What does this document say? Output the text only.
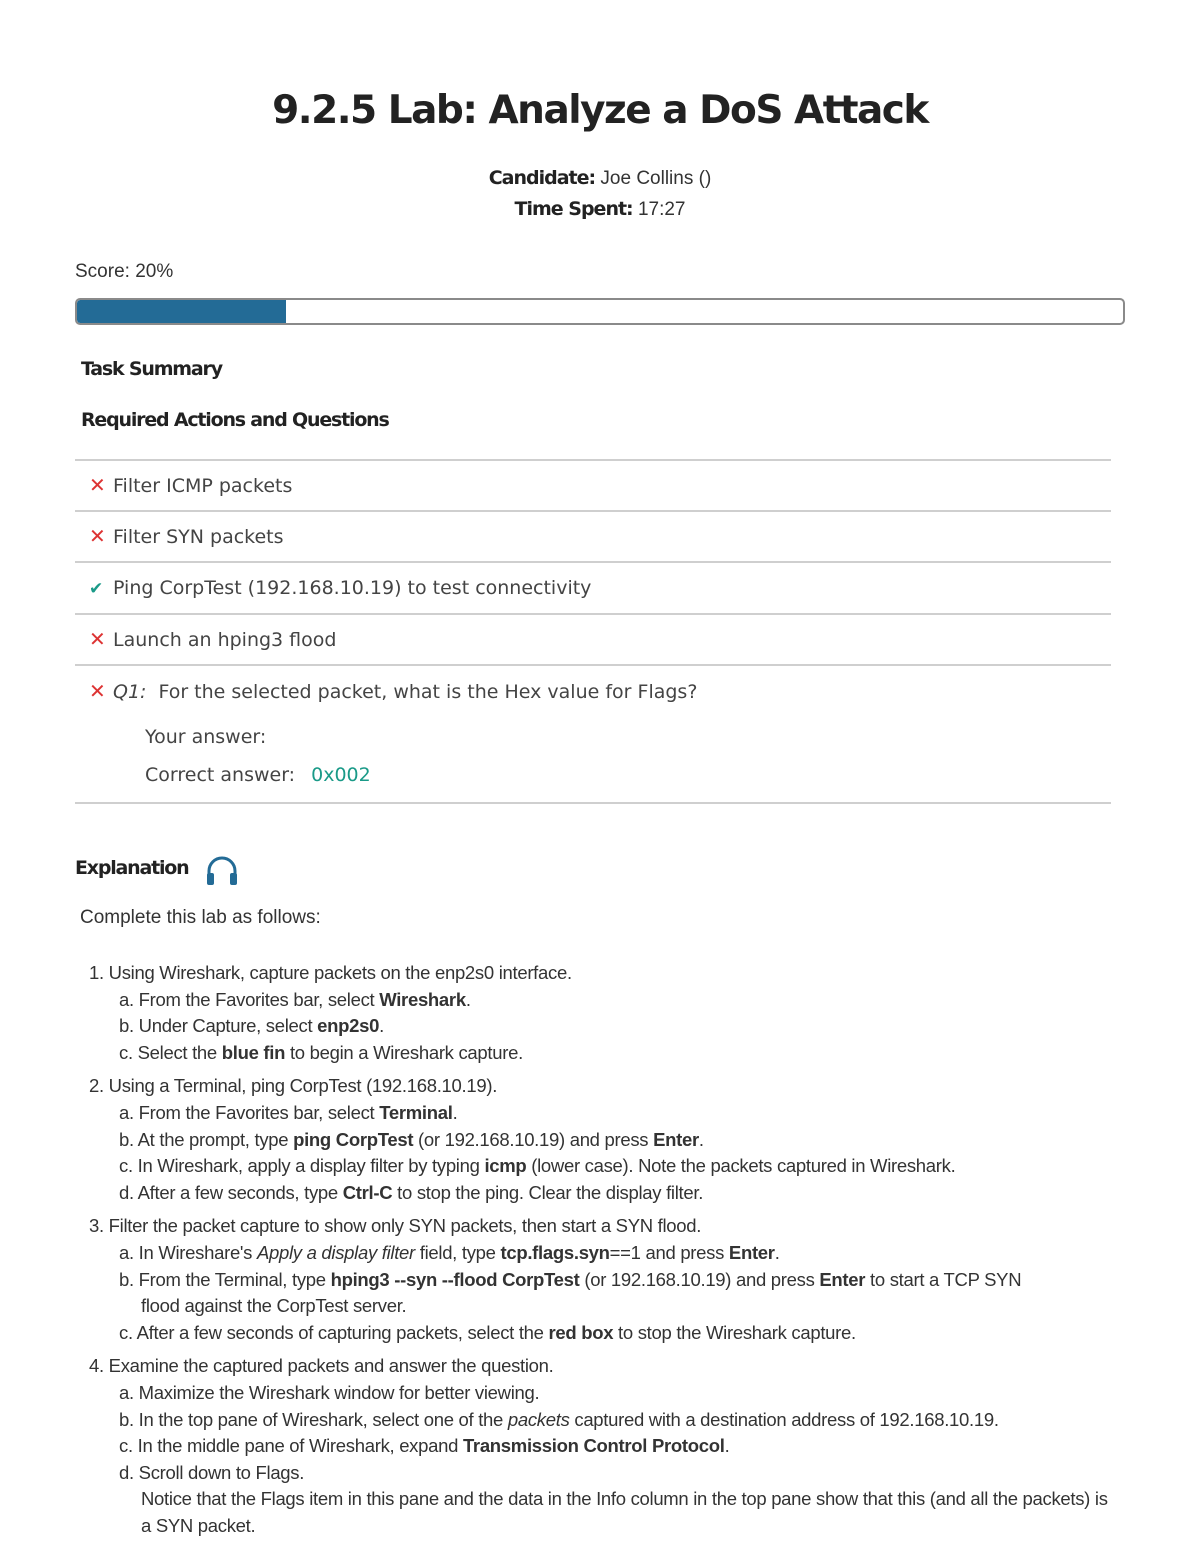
9.2.5 Lab: Analyze a DoS Attack
Candidate: Joe Collins ()
Time Spent: 17:27
Score: 20%
Task Summary
Required Actions and Questions
✕ Filter ICMP packets
✕ Filter SYN packets
✔ Ping CorpTest (192.168.10.19) to test connectivity
✕ Launch an hping3 flood
✕ Q1: For the selected packet, what is the Hex value for Flags?
Your answer:
Correct answer: 0x002
Explanation
Complete this lab as follows:
1. Using Wireshark, capture packets on the enp2s0 interface.
a. From the Favorites bar, select Wireshark.
b. Under Capture, select enp2s0.
c. Select the blue fin to begin a Wireshark capture.
2. Using a Terminal, ping CorpTest (192.168.10.19).
a. From the Favorites bar, select Terminal.
b. At the prompt, type ping CorpTest (or 192.168.10.19) and press Enter.
c. In Wireshark, apply a display filter by typing icmp (lower case). Note the packets captured in Wireshark.
d. After a few seconds, type Ctrl-C to stop the ping. Clear the display filter.
3. Filter the packet capture to show only SYN packets, then start a SYN flood.
a. In Wireshare's Apply a display filter field, type tcp.flags.syn==1 and press Enter.
b. From the Terminal, type hping3 --syn --flood CorpTest (or 192.168.10.19) and press Enter to start a TCP SYN
flood against the CorpTest server.
c. After a few seconds of capturing packets, select the red box to stop the Wireshark capture.
4. Examine the captured packets and answer the question.
a. Maximize the Wireshark window for better viewing.
b. In the top pane of Wireshark, select one of the packets captured with a destination address of 192.168.10.19.
c. In the middle pane of Wireshark, expand Transmission Control Protocol.
d. Scroll down to Flags.
Notice that the Flags item in this pane and the data in the Info column in the top pane show that this (and all the packets) is a SYN packet.
